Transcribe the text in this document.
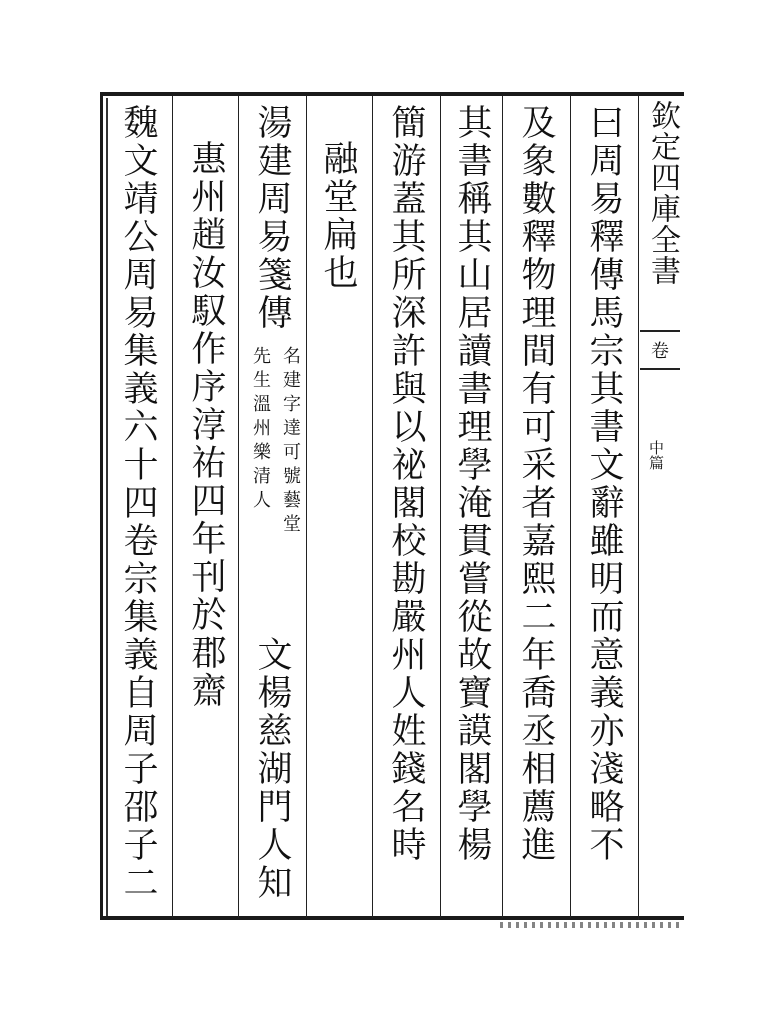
欽定四庫全書
卷
中篇
曰周易釋傳馬宗其書文辭雖明而意義亦淺略不
及象數釋物理間有可采者嘉熙二年喬丞相薦進
其書稱其山居讀書理學淹貫嘗從故寶謨閣學楊
簡游蓋其所深許與以祕閣校勘嚴州人姓錢名時
融堂扁也
湯建周易箋傳
名建字達可號藝堂
先生溫州樂清人
文楊慈湖門人知
惠州趙汝馭作序淳祐四年刊於郡齋
魏文靖公周易集義六十四卷宗集義自周子邵子二
